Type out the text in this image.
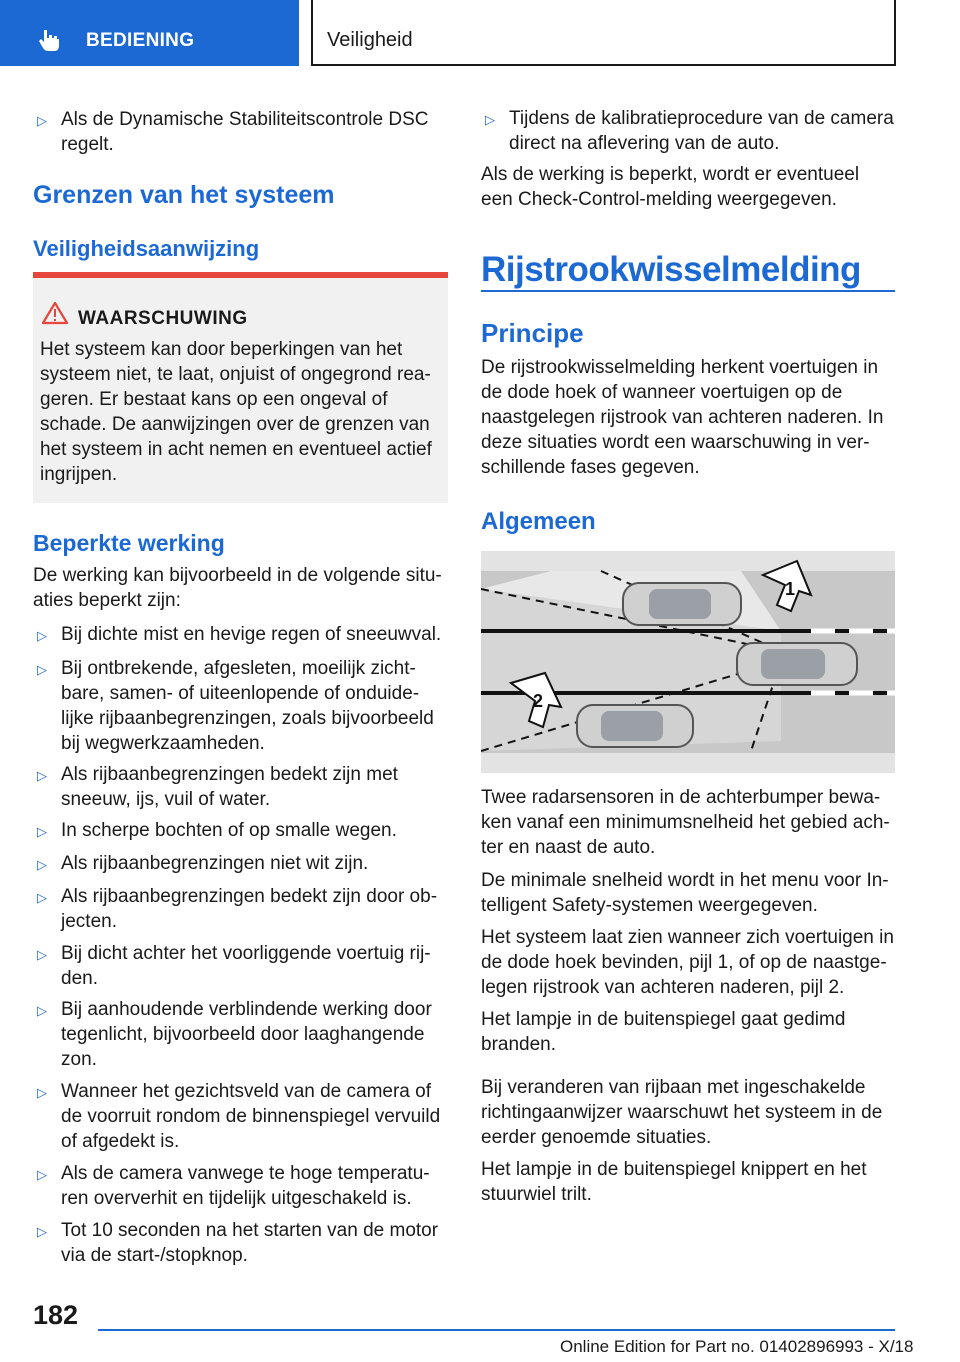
BEDIENING	Veiligheid
▷ Als de Dynamische Stabiliteitscontrole DSC regelt.
Grenzen van het systeem
Veiligheidsaanwijzing
WAARSCHUWING
Het systeem kan door beperkingen van het systeem niet, te laat, onjuist of ongegrond rea-geren. Er bestaat kans op een ongeval of schade. De aanwijzingen over de grenzen van het systeem in acht nemen en eventueel actief ingrijpen.
Beperkte werking
De werking kan bijvoorbeeld in de volgende situ-aties beperkt zijn:
▷ Bij dichte mist en hevige regen of sneeuwval.
▷ Bij ontbrekende, afgesleten, moeilijk zicht-bare, samen- of uiteenlopende of onduide-lijke rijbaanbegrenzingen, zoals bijvoorbeeld bij wegwerkzaamheden.
▷ Als rijbaanbegrenzingen bedekt zijn met sneeuw, ijs, vuil of water.
▷ In scherpe bochten of op smalle wegen.
▷ Als rijbaanbegrenzingen niet wit zijn.
▷ Als rijbaanbegrenzingen bedekt zijn door ob-jecten.
▷ Bij dicht achter het voorliggende voertuig rij-den.
▷ Bij aanhoudende verblindende werking door tegenlicht, bijvoorbeeld door laaghangende zon.
▷ Wanneer het gezichtsveld van de camera of de voorruit rondom de binnenspiegel vervuild of afgedekt is.
▷ Als de camera vanwege te hoge temperatu-ren oververhit en tijdelijk uitgeschakeld is.
▷ Tot 10 seconden na het starten van de motor via de start-/stopknop.
▷ Tijdens de kalibratieprocedure van de camera direct na aflevering van de auto.
Als de werking is beperkt, wordt er eventueel een Check-Control-melding weergegeven.
Rijstrookwisselmelding
Principe
De rijstrookwisselmelding herkent voertuigen in de dode hoek of wanneer voertuigen op de naastgelegen rijstrook van achteren naderen. In deze situaties wordt een waarschuwing in ver-schillende fases gegeven.
Algemeen
1
2
Twee radarsensoren in de achterbumper bewa-ken vanaf een minimumsnelheid het gebied ach-ter en naast de auto.
De minimale snelheid wordt in het menu voor In-telligent Safety-systemen weergegeven.
Het systeem laat zien wanneer zich voertuigen in de dode hoek bevinden, pijl 1, of op de naastge-legen rijstrook van achteren naderen, pijl 2.
Het lampje in de buitenspiegel gaat gedimd branden.
Bij veranderen van rijbaan met ingeschakelde richtingaanwijzer waarschuwt het systeem in de eerder genoemde situaties.
Het lampje in de buitenspiegel knippert en het stuurwiel trilt.
182
Online Edition for Part no. 01402896993 - X/18
